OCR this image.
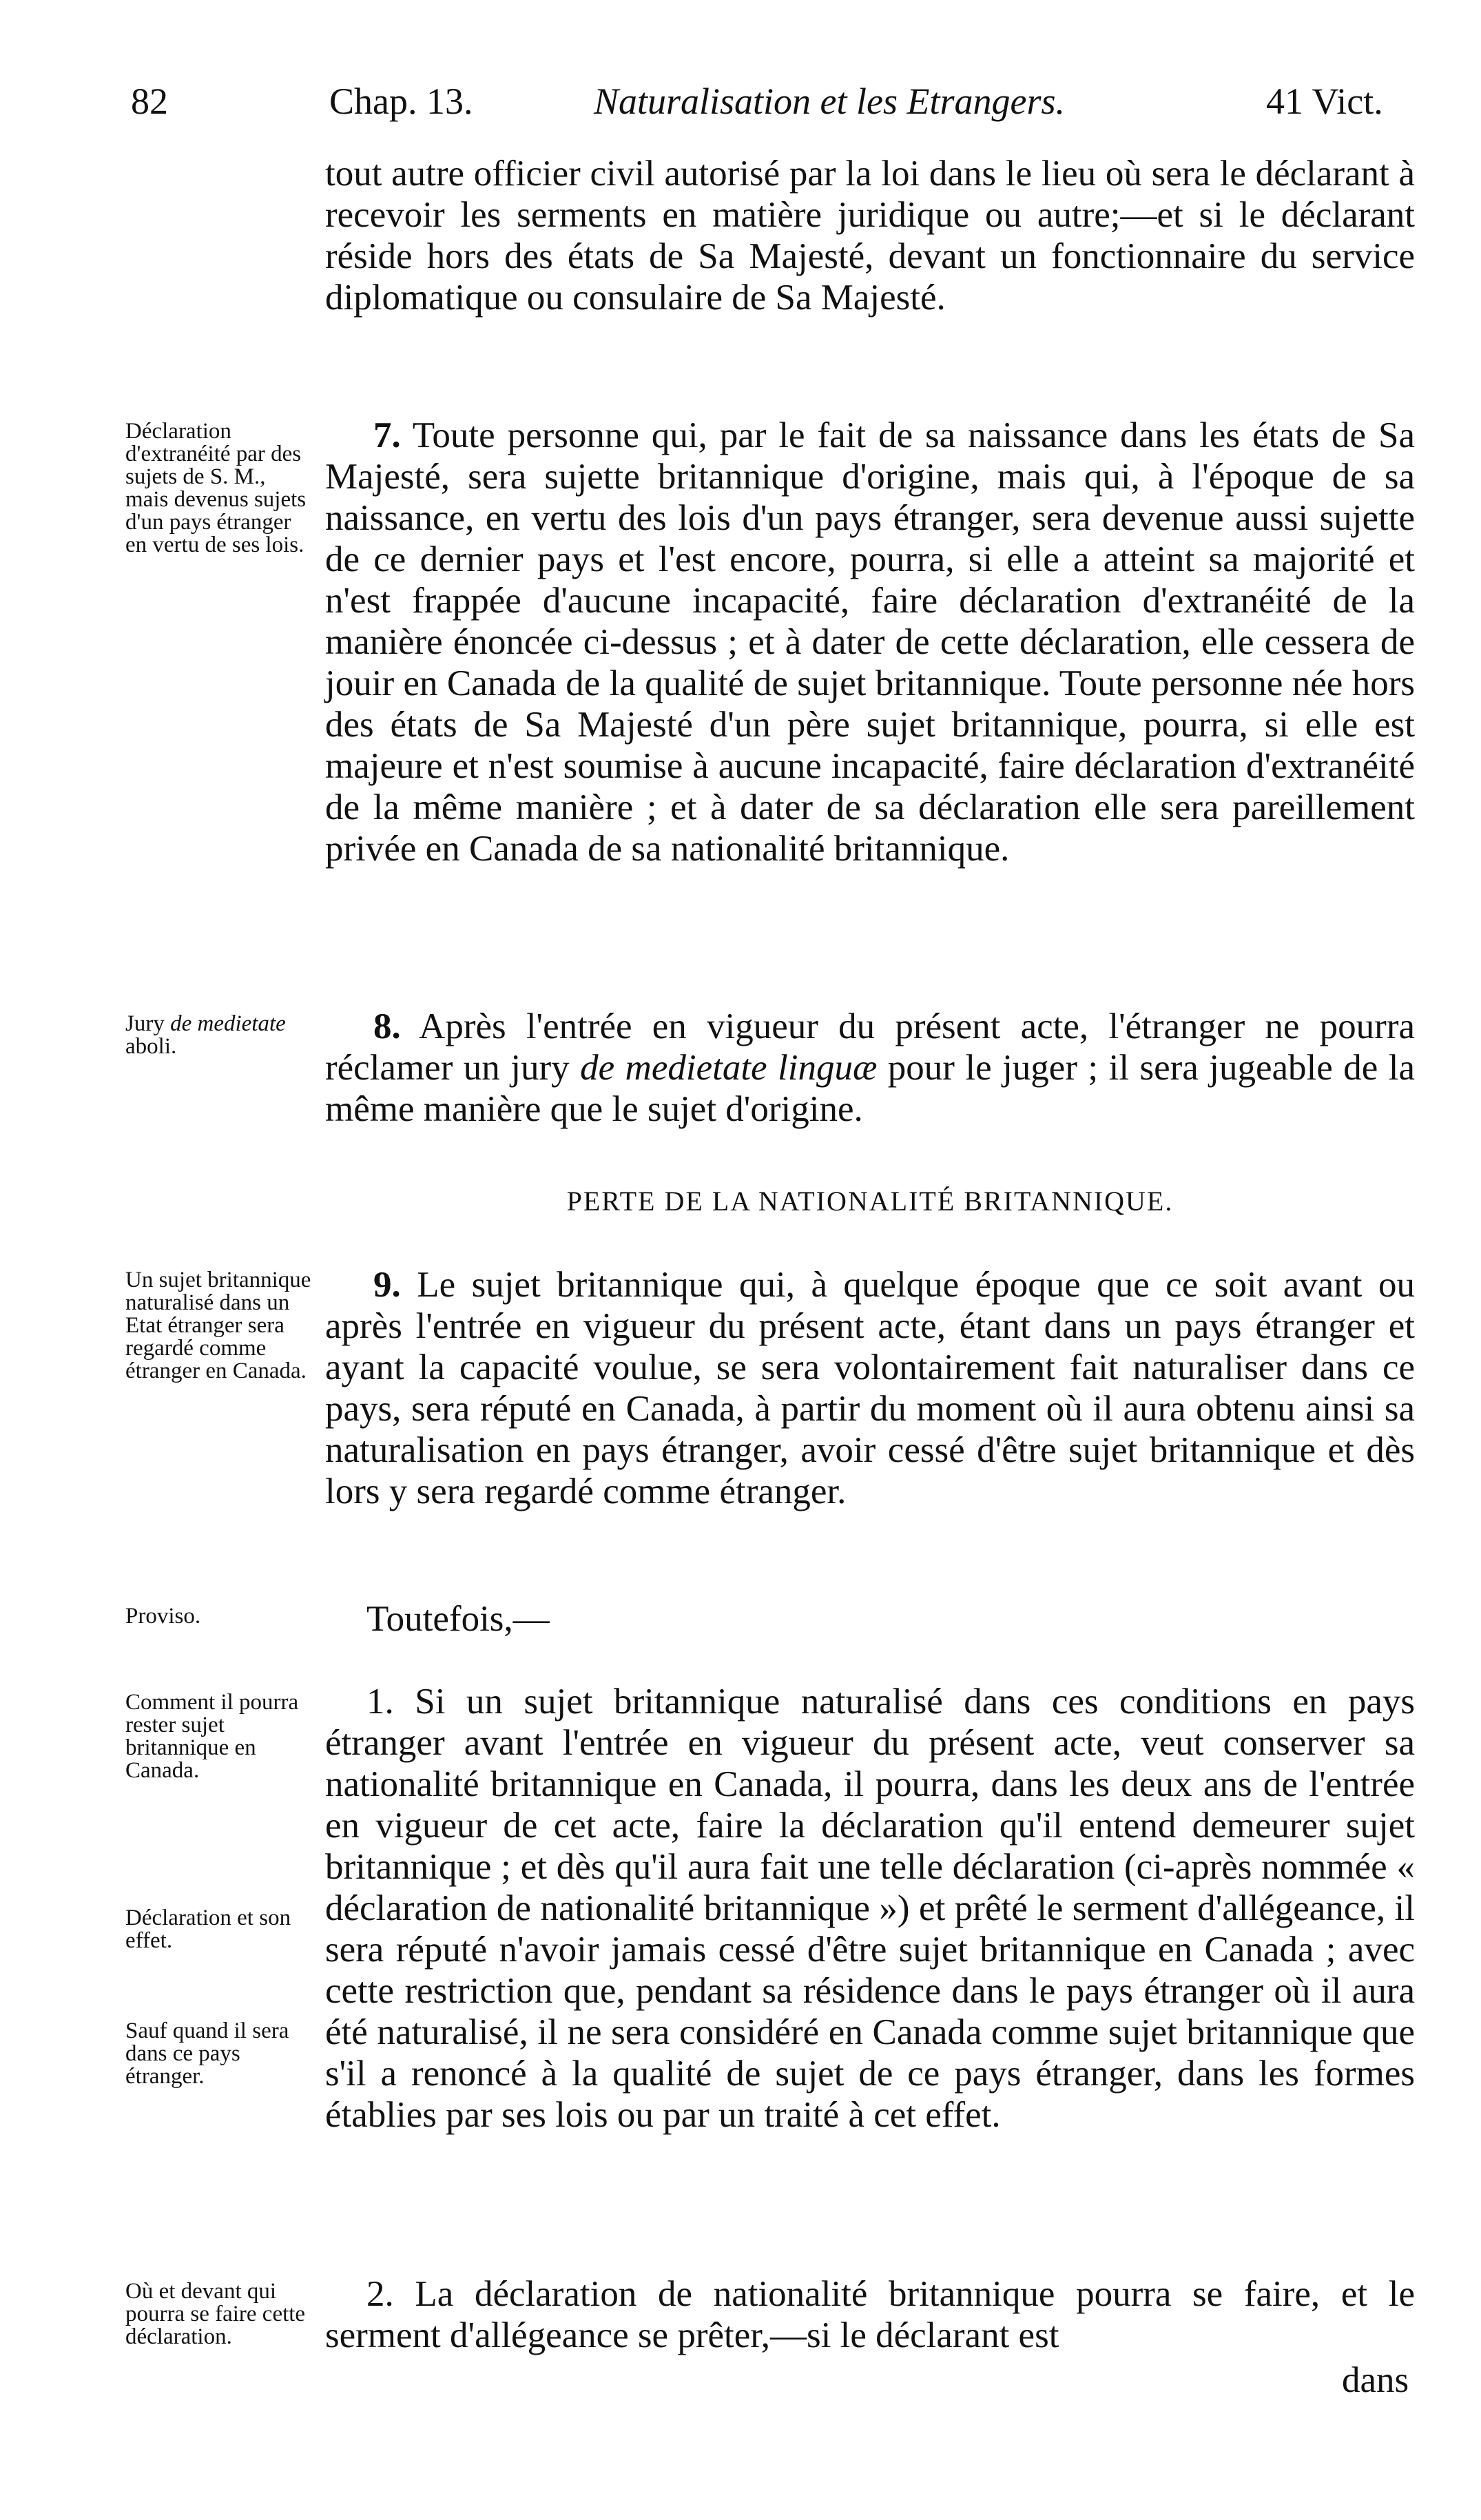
82	Chap. 13.	Naturalisation et les Etrangers.	41 Vict.

tout autre officier civil autorisé par la loi dans le lieu où sera le déclarant à recevoir les serments en matière juridique ou autre;—et si le déclarant réside hors des états de Sa Majesté, devant un fonctionnaire du service diplomatique ou consulaire de Sa Majesté.

Déclaration d'extranéité par des sujets de S. M., mais devenus sujets d'un pays étranger en vertu de ses lois.

7. Toute personne qui, par le fait de sa naissance dans les états de Sa Majesté, sera sujette britannique d'origine, mais qui, à l'époque de sa naissance, en vertu des lois d'un pays étranger, sera devenue aussi sujette de ce dernier pays et l'est encore, pourra, si elle a atteint sa majorité et n'est frappée d'aucune incapacité, faire déclaration d'extranéité de la manière énoncée ci-dessus ; et à dater de cette déclaration, elle cessera de jouir en Canada de la qualité de sujet britannique. Toute personne née hors des états de Sa Majesté d'un père sujet britannique, pourra, si elle est majeure et n'est soumise à aucune incapacité, faire déclaration d'extranéité de la même manière ; et à dater de sa déclaration elle sera pareillement privée en Canada de sa nationalité britannique.

Jury de medietate aboli.	8. Après l'entrée en vigueur du présent acte, l'étranger ne pourra réclamer un jury de medietate linguæ pour le juger ; il sera jugeable de la même manière que le sujet d'origine.

PERTE DE LA NATIONALITÉ BRITANNIQUE.
Un sujet britannique naturalisé dans un Etat étranger sera regardé comme étranger en Canada.

9. Le sujet britannique qui, à quelque époque que ce soit avant ou après l'entrée en vigueur du présent acte, étant dans un pays étranger et ayant la capacité voulue, se sera volontairement fait naturaliser dans ce pays, sera réputé en Canada, à partir du moment où il aura obtenu ainsi sa naturalisation en pays étranger, avoir cessé d'être sujet britannique et dès lors y sera regardé comme étranger.

Proviso.	Toutefois,—

Comment il pourra rester sujet britannique en Canada.
Déclaration et son effet.
Sauf quand il sera dans ce pays étranger.

1. Si un sujet britannique naturalisé dans ces conditions en pays étranger avant l'entrée en vigueur du présent acte, veut conserver sa nationalité britannique en Canada, il pourra, dans les deux ans de l'entrée en vigueur de cet acte, faire la déclaration qu'il entend demeurer sujet britannique ; et dès qu'il aura fait une telle déclaration (ci-après nommée « déclaration de nationalité britannique ») et prêté le serment d'allégeance, il sera réputé n'avoir jamais cessé d'être sujet britannique en Canada ; avec cette restriction que, pendant sa résidence dans le pays étranger où il aura été naturalisé, il ne sera considéré en Canada comme sujet britannique que s'il a renoncé à la qualité de sujet de ce pays étranger, dans les formes établies par ses lois ou par un traité à cet effet.

Où et devant qui pourra se faire cette déclaration.

2. La déclaration de nationalité britannique pourra se faire, et le serment d'allégeance se prêter,—si le déclarant est

dans
